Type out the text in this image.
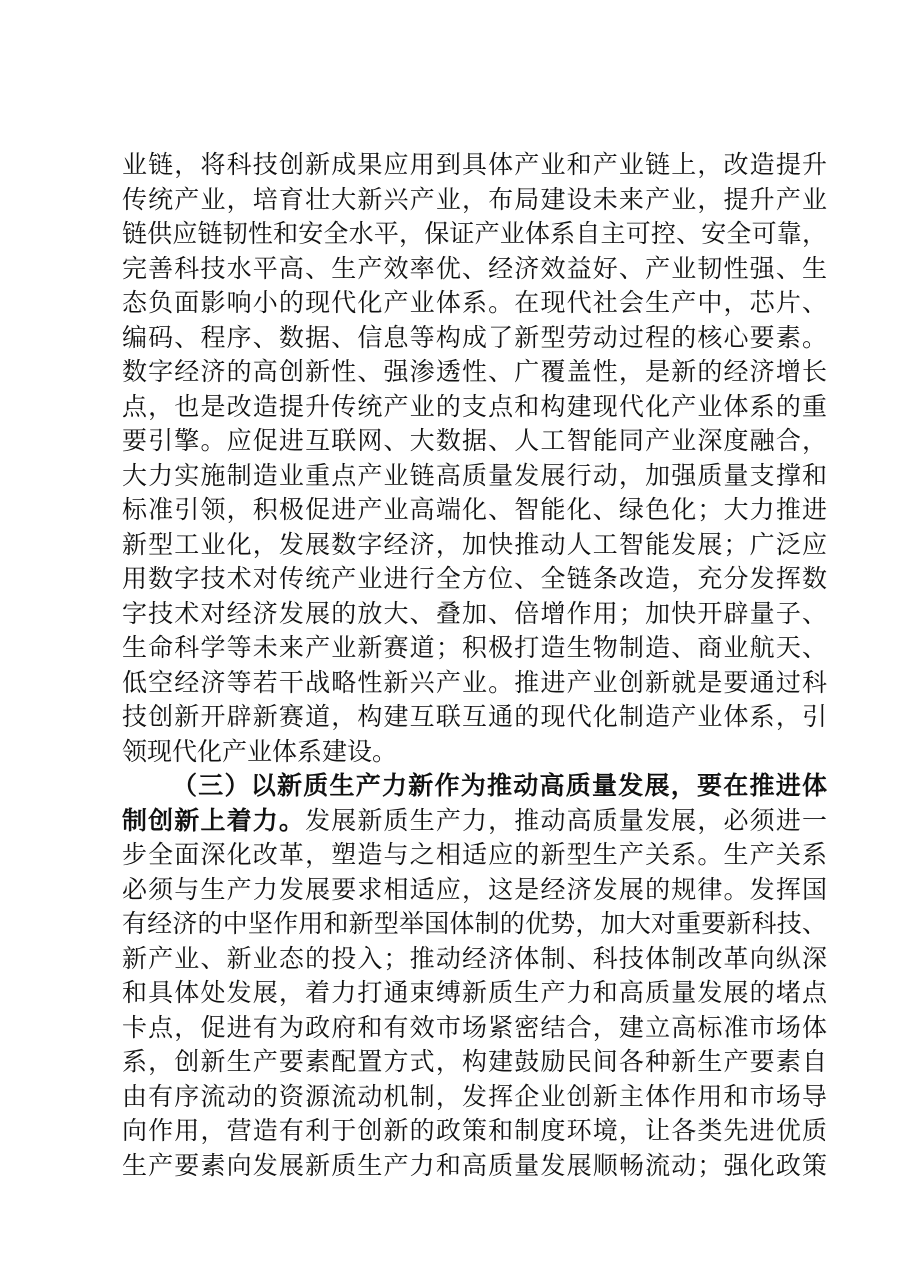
业链，将科技创新成果应用到具体产业和产业链上，改造提升
传统产业，培育壮大新兴产业，布局建设未来产业，提升产业
链供应链韧性和安全水平，保证产业体系自主可控、安全可靠，
完善科技水平高、生产效率优、经济效益好、产业韧性强、生
态负面影响小的现代化产业体系。在现代社会生产中，芯片、
编码、程序、数据、信息等构成了新型劳动过程的核心要素。
数字经济的高创新性、强渗透性、广覆盖性，是新的经济增长
点，也是改造提升传统产业的支点和构建现代化产业体系的重
要引擎。应促进互联网、大数据、人工智能同产业深度融合，
大力实施制造业重点产业链高质量发展行动，加强质量支撑和
标准引领，积极促进产业高端化、智能化、绿色化；大力推进
新型工业化，发展数字经济，加快推动人工智能发展；广泛应
用数字技术对传统产业进行全方位、全链条改造，充分发挥数
字技术对经济发展的放大、叠加、倍增作用；加快开辟量子、
生命科学等未来产业新赛道；积极打造生物制造、商业航天、
低空经济等若干战略性新兴产业。推进产业创新就是要通过科
技创新开辟新赛道，构建互联互通的现代化制造产业体系，引
领现代化产业体系建设。
（三）以新质生产力新作为推动高质量发展，要在推进体
制创新上着力。发展新质生产力，推动高质量发展，必须进一
步全面深化改革，塑造与之相适应的新型生产关系。生产关系
必须与生产力发展要求相适应，这是经济发展的规律。发挥国
有经济的中坚作用和新型举国体制的优势，加大对重要新科技、
新产业、新业态的投入；推动经济体制、科技体制改革向纵深
和具体处发展，着力打通束缚新质生产力和高质量发展的堵点
卡点，促进有为政府和有效市场紧密结合，建立高标准市场体
系，创新生产要素配置方式，构建鼓励民间各种新生产要素自
由有序流动的资源流动机制，发挥企业创新主体作用和市场导
向作用，营造有利于创新的政策和制度环境，让各类先进优质
生产要素向发展新质生产力和高质量发展顺畅流动；强化政策
